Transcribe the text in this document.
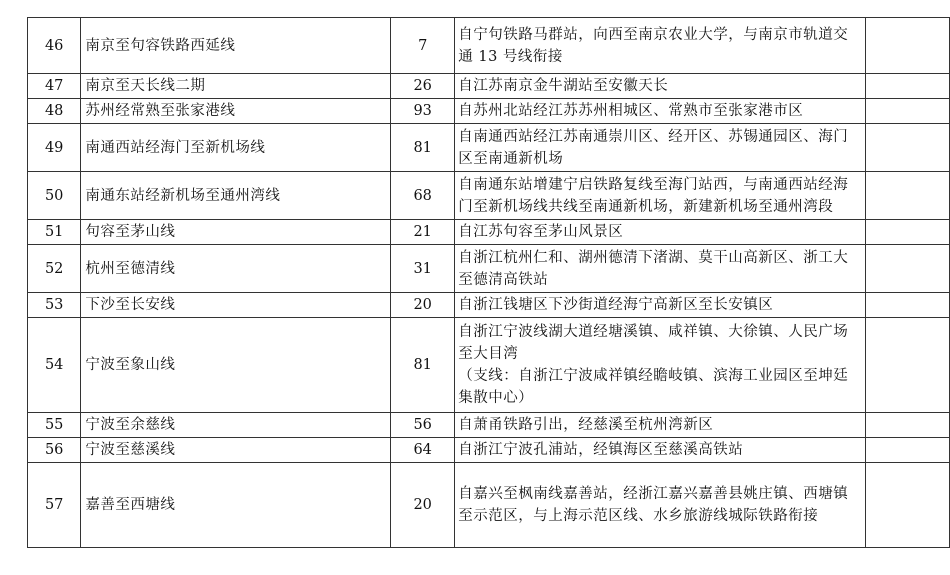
46	南京至句容铁路西延线	7	自宁句铁路马群站，向西至南京农业大学，与南京市轨道交通 13 号线衔接	

47	南京至天长线二期	26	自江苏南京金牛湖站至安徽天长	

48	苏州经常熟至张家港线	93	自苏州北站经江苏苏州相城区、常熟市至张家港市区	

49	南通西站经海门至新机场线	81	自南通西站经江苏南通崇川区、经开区、苏锡通园区、海门区至南通新机场	

50	南通东站经新机场至通州湾线	68	自南通东站增建宁启铁路复线至海门站西，与南通西站经海门至新机场线共线至南通新机场，新建新机场至通州湾段	

51	句容至茅山线	21	自江苏句容至茅山风景区	

52	杭州至德清线	31	自浙江杭州仁和、湖州德清下渚湖、莫干山高新区、浙工大至德清高铁站	

53	下沙至长安线	20	自浙江钱塘区下沙街道经海宁高新区至长安镇区	

54	宁波至象山线	81	自浙江宁波线湖大道经塘溪镇、咸祥镇、大徐镇、人民广场至大目湾
（支线：自浙江宁波咸祥镇经瞻岐镇、滨海工业园区至坤廷集散中心）	

55	宁波至余慈线	56	自萧甬铁路引出，经慈溪至杭州湾新区	

56	宁波至慈溪线	64	自浙江宁波孔浦站，经镇海区至慈溪高铁站	

57	嘉善至西塘线	20	自嘉兴至枫南线嘉善站，经浙江嘉兴嘉善县姚庄镇、西塘镇至示范区，与上海示范区线、水乡旅游线城际铁路衔接	
